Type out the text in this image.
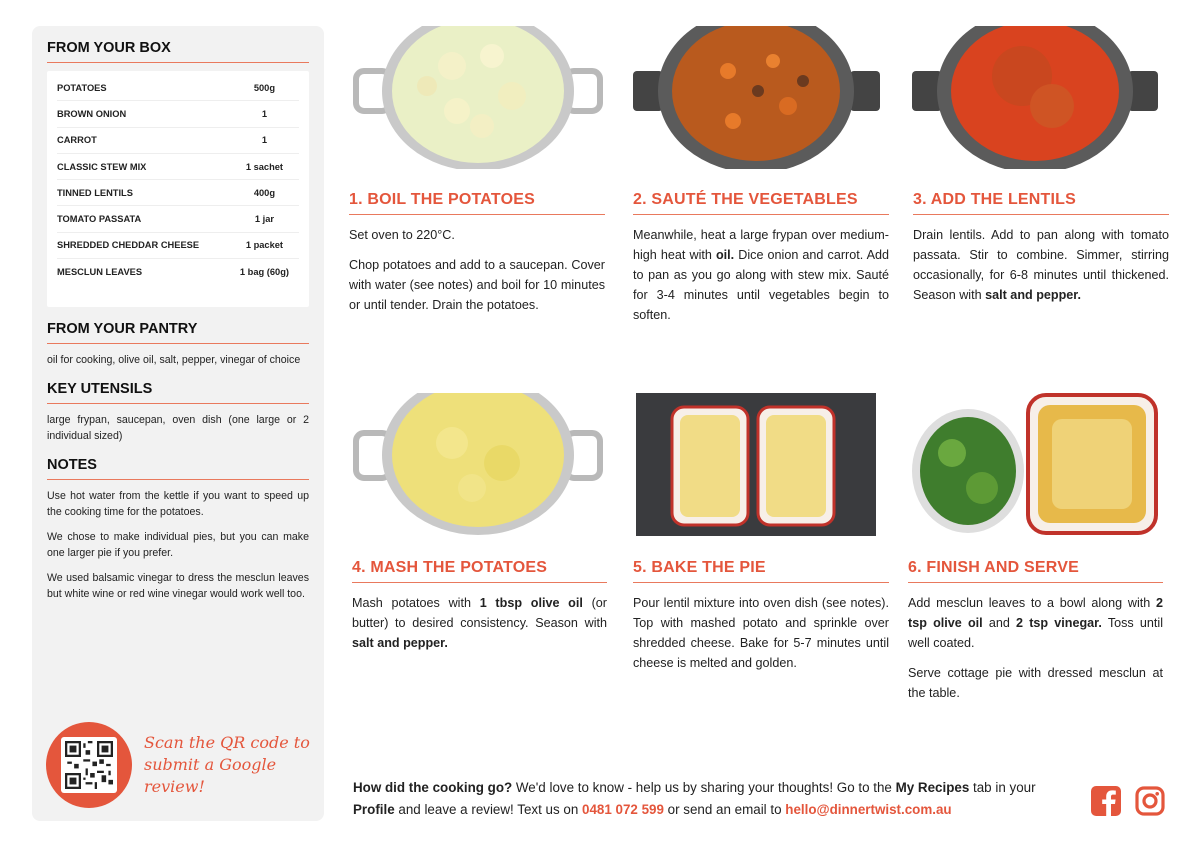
FROM YOUR BOX
POTATOES	500g
BROWN ONION	1
CARROT	1
CLASSIC STEW MIX	1 sachet
TINNED LENTILS	400g
TOMATO PASSATA	1 jar
SHREDDED CHEDDAR CHEESE	1 packet
MESCLUN LEAVES	1 bag (60g)
FROM YOUR PANTRY
oil for cooking, olive oil, salt, pepper, vinegar of choice
KEY UTENSILS
large frypan, saucepan, oven dish (one large or 2 individual sized)
NOTES
Use hot water from the kettle if you want to speed up the cooking time for the potatoes.
We chose to make individual pies, but you can make one larger pie if you prefer.
We used balsamic vinegar to dress the mesclun leaves but white wine or red wine vinegar would work well too.
Scan the QR code to submit a Google review!
1. BOIL THE POTATOES

Set oven to 220°C.

Chop potatoes and add to a saucepan. Cover with water (see notes) and boil for 10 minutes or until tender. Drain the potatoes.

2. SAUTÉ THE VEGETABLES

Meanwhile, heat a large frypan over medium-high heat with oil. Dice onion and carrot. Add to pan as you go along with stew mix. Sauté for 3-4 minutes until vegetables begin to soften.

3. ADD THE LENTILS

Drain lentils. Add to pan along with tomato passata. Stir to combine. Simmer, stirring occasionally, for 6-8 minutes until thickened. Season with salt and pepper.

4. MASH THE POTATOES

Mash potatoes with 1 tbsp olive oil (or butter) to desired consistency. Season with salt and pepper.

5. BAKE THE PIE

Pour lentil mixture into oven dish (see notes). Top with mashed potato and sprinkle over shredded cheese. Bake for 5-7 minutes until cheese is melted and golden.

6. FINISH AND SERVE

Add mesclun leaves to a bowl along with 2 tsp olive oil and 2 tsp vinegar. Toss until well coated.

Serve cottage pie with dressed mesclun at the table.

How did the cooking go? We'd love to know - help us by sharing your thoughts! Go to the My Recipes tab in your Profile and leave a review! Text us on 0481 072 599 or send an email to hello@dinnertwist.com.au
